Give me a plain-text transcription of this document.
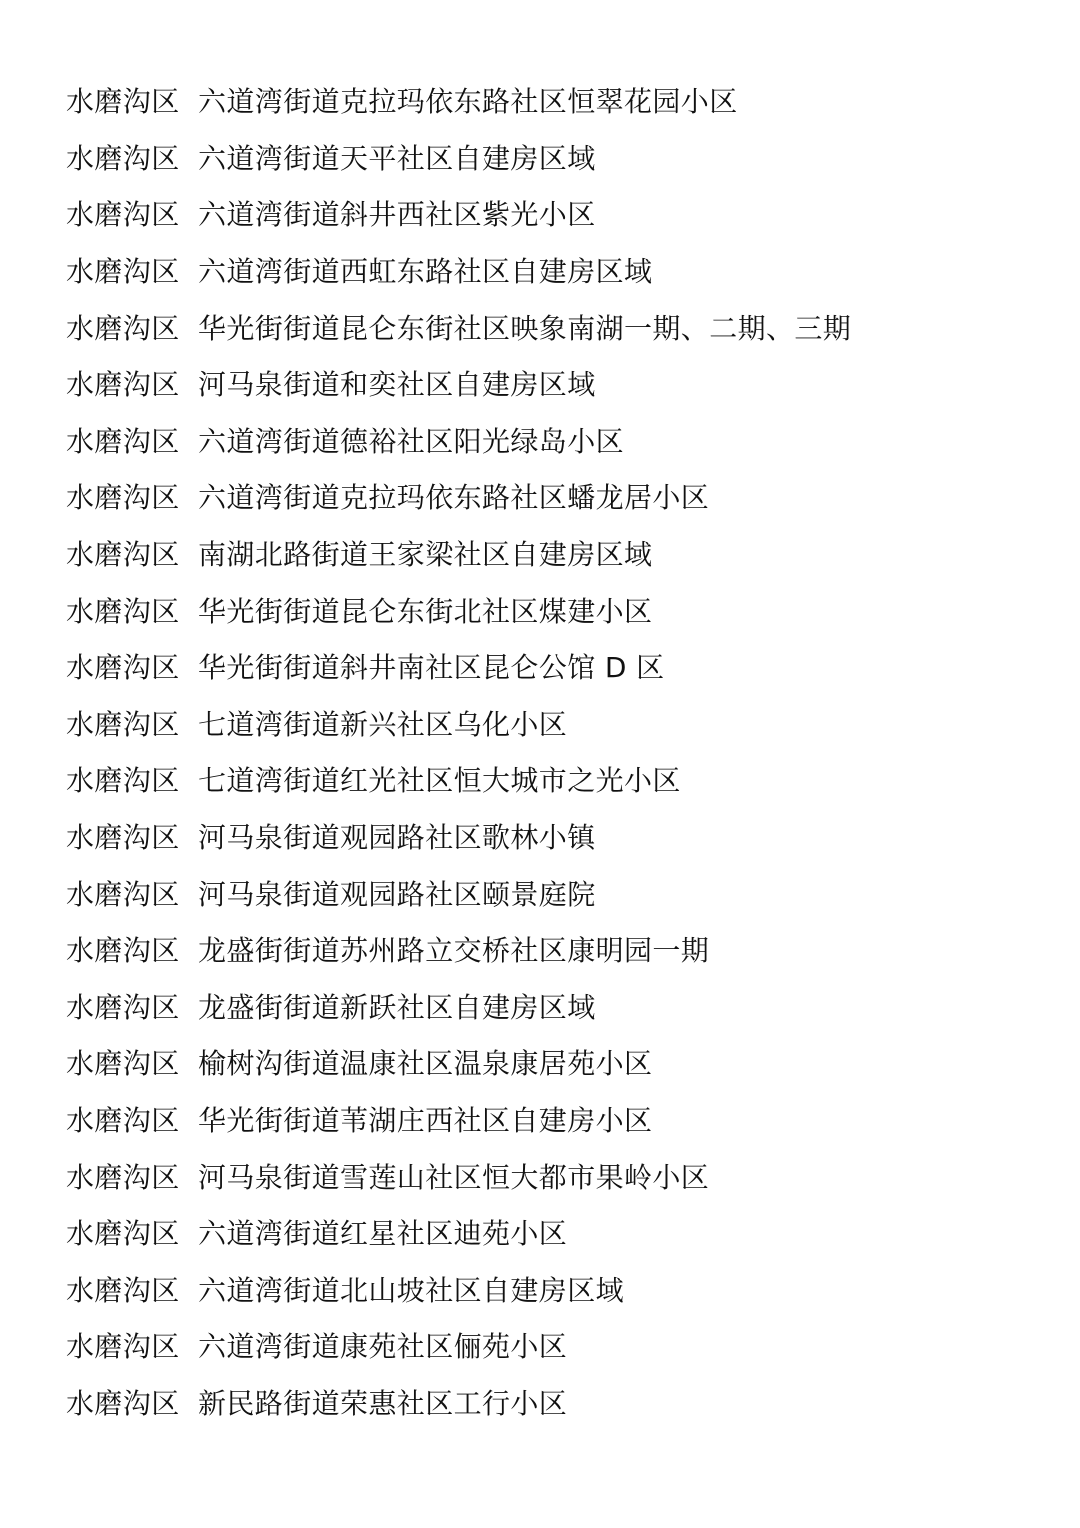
水磨沟区 六道湾街道克拉玛依东路社区恒翠花园小区
水磨沟区 六道湾街道天平社区自建房区域
水磨沟区 六道湾街道斜井西社区紫光小区
水磨沟区 六道湾街道西虹东路社区自建房区域
水磨沟区 华光街街道昆仑东街社区映象南湖一期、二期、三期
水磨沟区 河马泉街道和奕社区自建房区域
水磨沟区 六道湾街道德裕社区阳光绿岛小区
水磨沟区 六道湾街道克拉玛依东路社区蟠龙居小区
水磨沟区 南湖北路街道王家梁社区自建房区域
水磨沟区 华光街街道昆仑东街北社区煤建小区
水磨沟区 华光街街道斜井南社区昆仑公馆 D 区
水磨沟区 七道湾街道新兴社区乌化小区
水磨沟区 七道湾街道红光社区恒大城市之光小区
水磨沟区 河马泉街道观园路社区歌林小镇
水磨沟区 河马泉街道观园路社区颐景庭院
水磨沟区 龙盛街街道苏州路立交桥社区康明园一期
水磨沟区 龙盛街街道新跃社区自建房区域
水磨沟区 榆树沟街道温康社区温泉康居苑小区
水磨沟区 华光街街道苇湖庄西社区自建房小区
水磨沟区 河马泉街道雪莲山社区恒大都市果岭小区
水磨沟区 六道湾街道红星社区迪苑小区
水磨沟区 六道湾街道北山坡社区自建房区域
水磨沟区 六道湾街道康苑社区俪苑小区
水磨沟区 新民路街道荣惠社区工行小区
